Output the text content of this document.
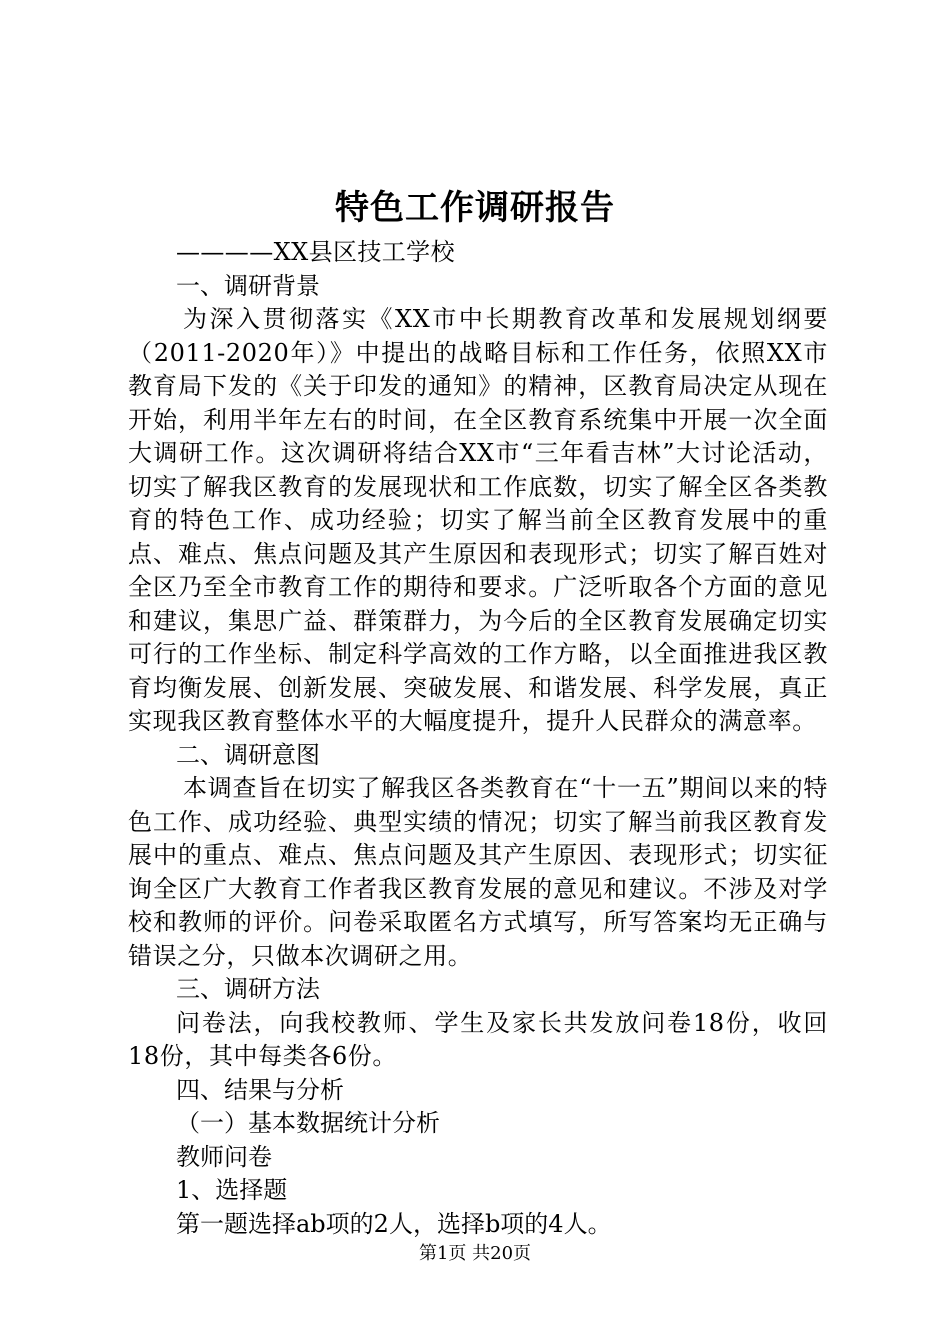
特色工作调研报告

————XX县区技工学校

一、调研背景

为深入贯彻落实《XX市中长期教育改革和发展规划纲要（2011-2020年）》中提出的战略目标和工作任务，依照XX市教育局下发的《关于印发的通知》的精神，区教育局决定从现在开始，利用半年左右的时间，在全区教育系统集中开展一次全面大调研工作。这次调研将结合XX市“三年看吉林”大讨论活动，切实了解我区教育的发展现状和工作底数，切实了解全区各类教育的特色工作、成功经验；切实了解当前全区教育发展中的重点、难点、焦点问题及其产生原因和表现形式；切实了解百姓对全区乃至全市教育工作的期待和要求。广泛听取各个方面的意见和建议，集思广益、群策群力，为今后的全区教育发展确定切实可行的工作坐标、制定科学高效的工作方略，以全面推进我区教育均衡发展、创新发展、突破发展、和谐发展、科学发展，真正实现我区教育整体水平的大幅度提升，提升人民群众的满意率。

二、调研意图

本调查旨在切实了解我区各类教育在“十一五”期间以来的特色工作、成功经验、典型实绩的情况；切实了解当前我区教育发展中的重点、难点、焦点问题及其产生原因、表现形式；切实征询全区广大教育工作者我区教育发展的意见和建议。不涉及对学校和教师的评价。问卷采取匿名方式填写，所写答案均无正确与错误之分，只做本次调研之用。

三、调研方法

问卷法，向我校教师、学生及家长共发放问卷18份，收回18份，其中每类各6份。

四、结果与分析

（一）基本数据统计分析

教师问卷

1、选择题

第一题选择ab项的2人，选择b项的4人。

第1页 共20页
